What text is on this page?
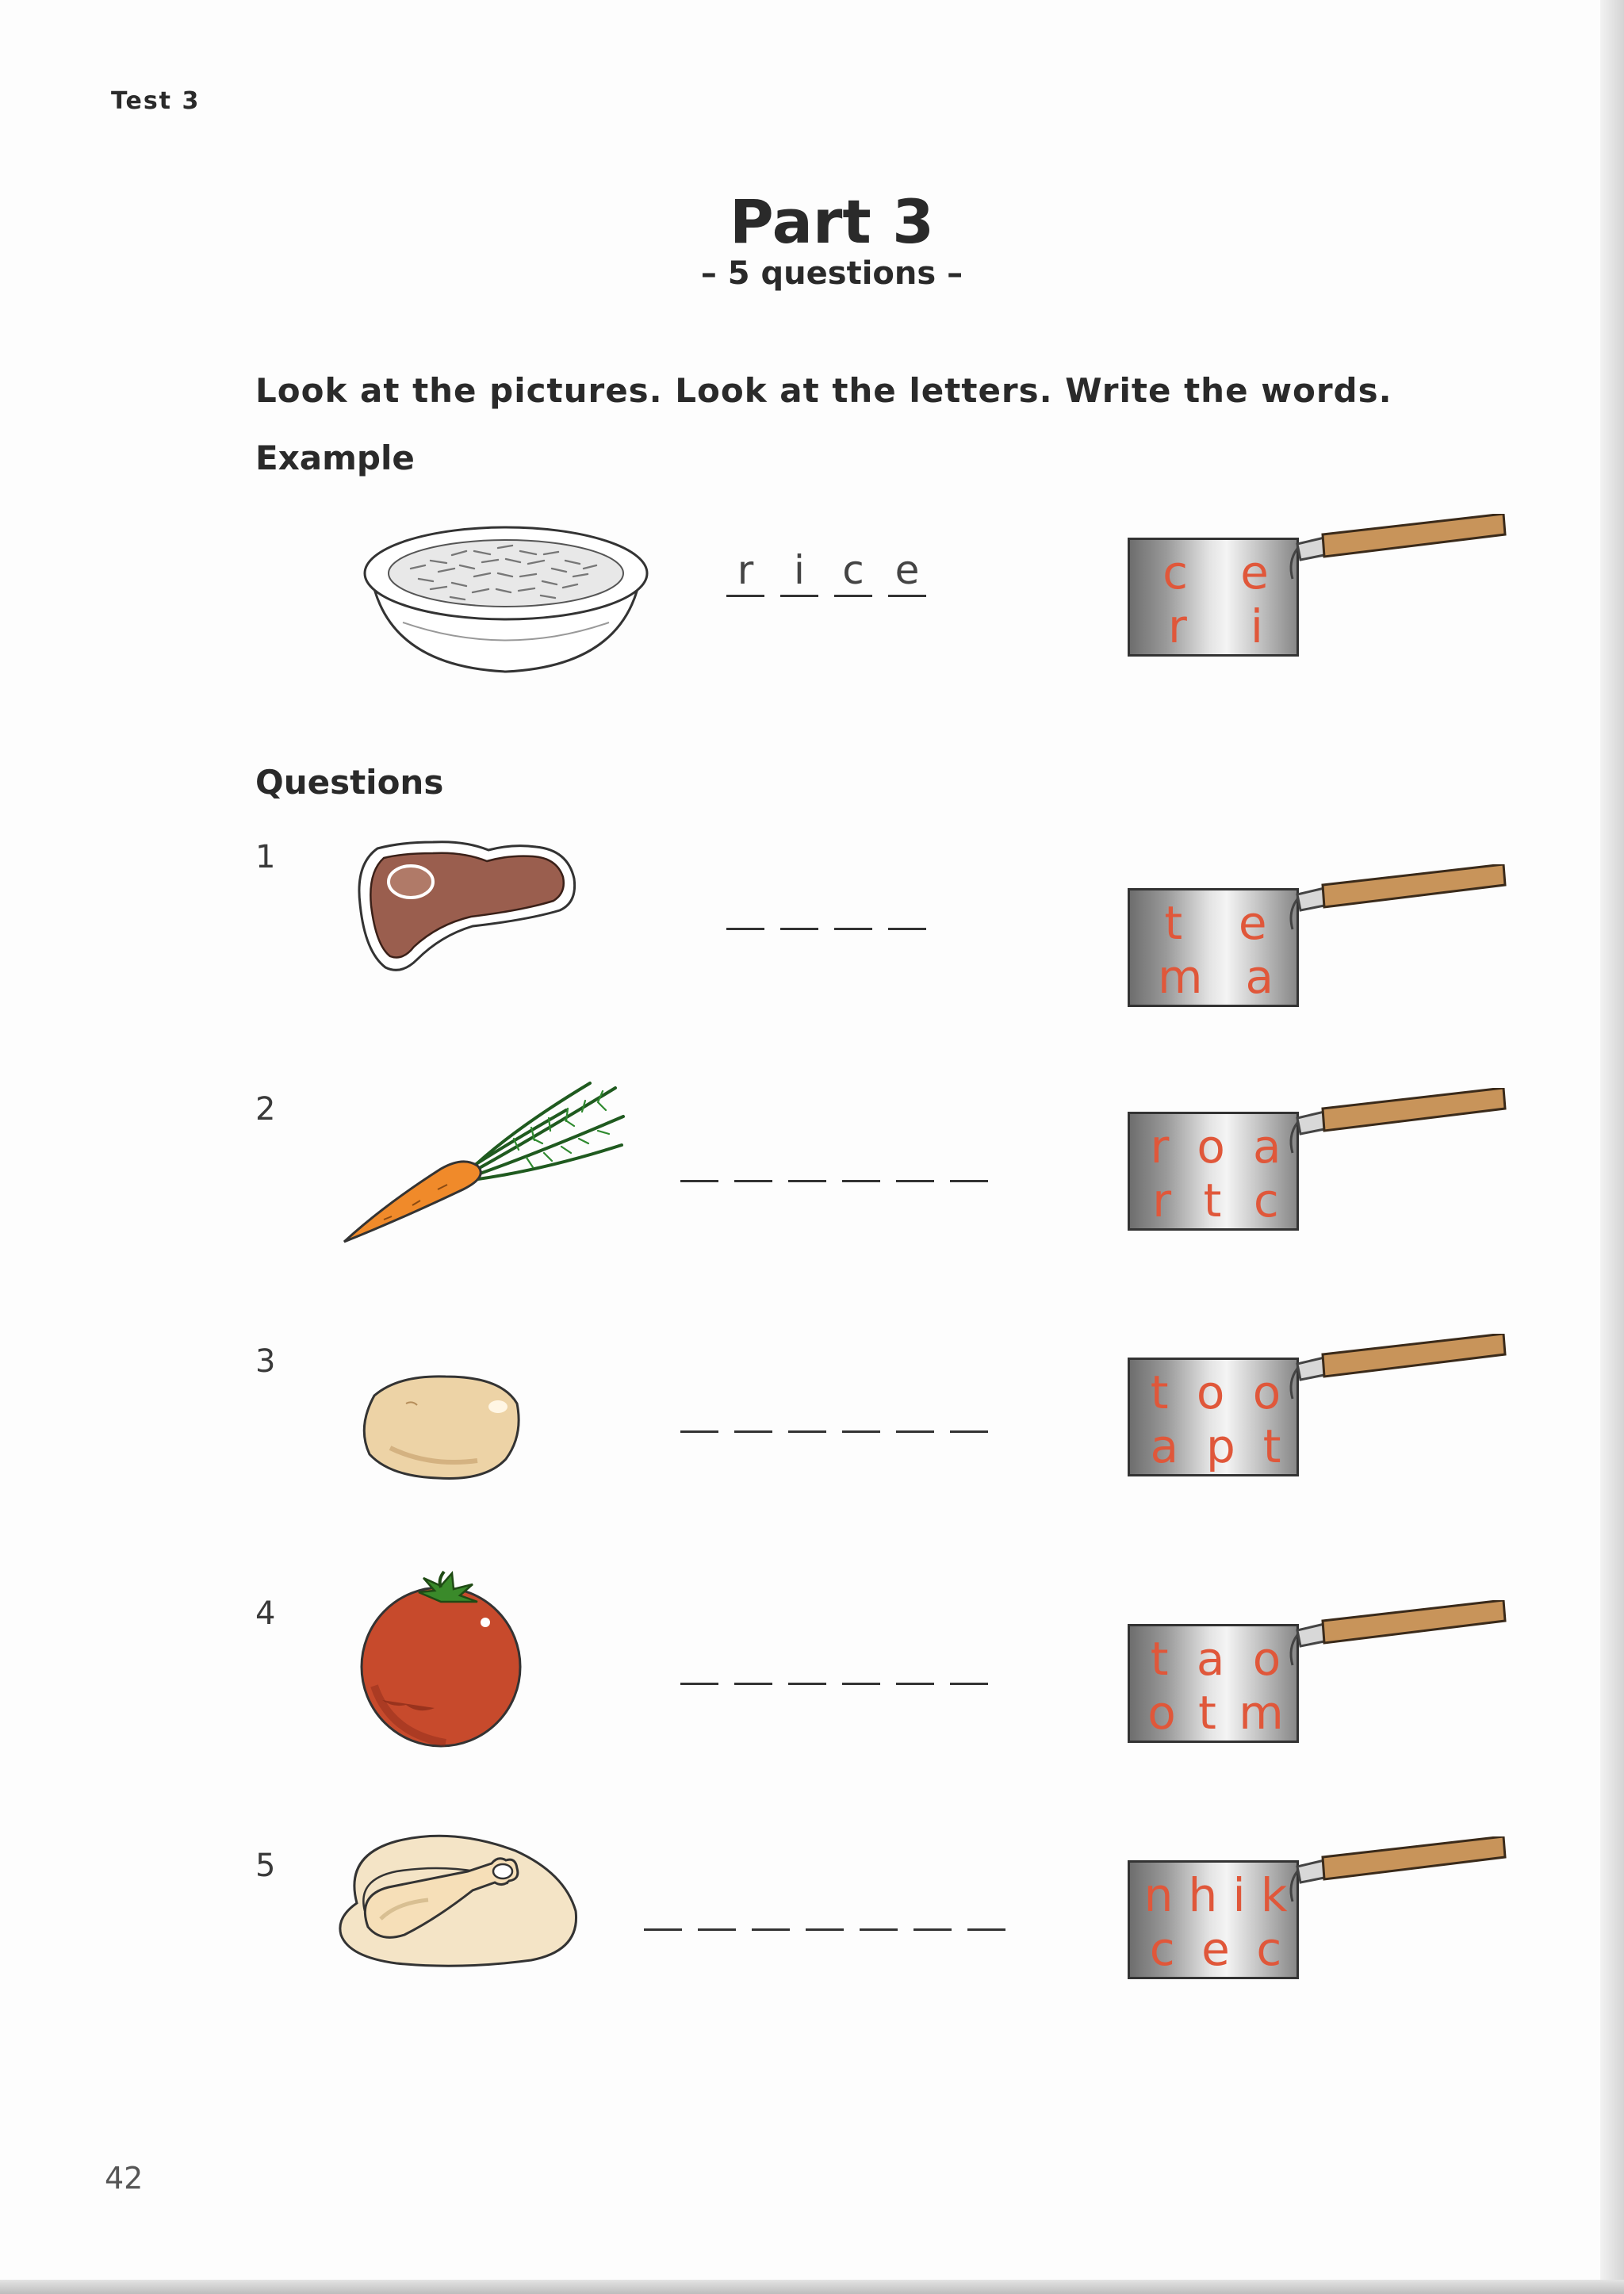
Test 3
Part 3
– 5 questions –
Look at the pictures. Look at the letters. Write the words.
Example
r	i c e	c e
r i
Questions
1
t e
m a
2
r o a
r t c
3
t o o
a p t
4
t a o
o t m
5
n h i k
c e c
42
